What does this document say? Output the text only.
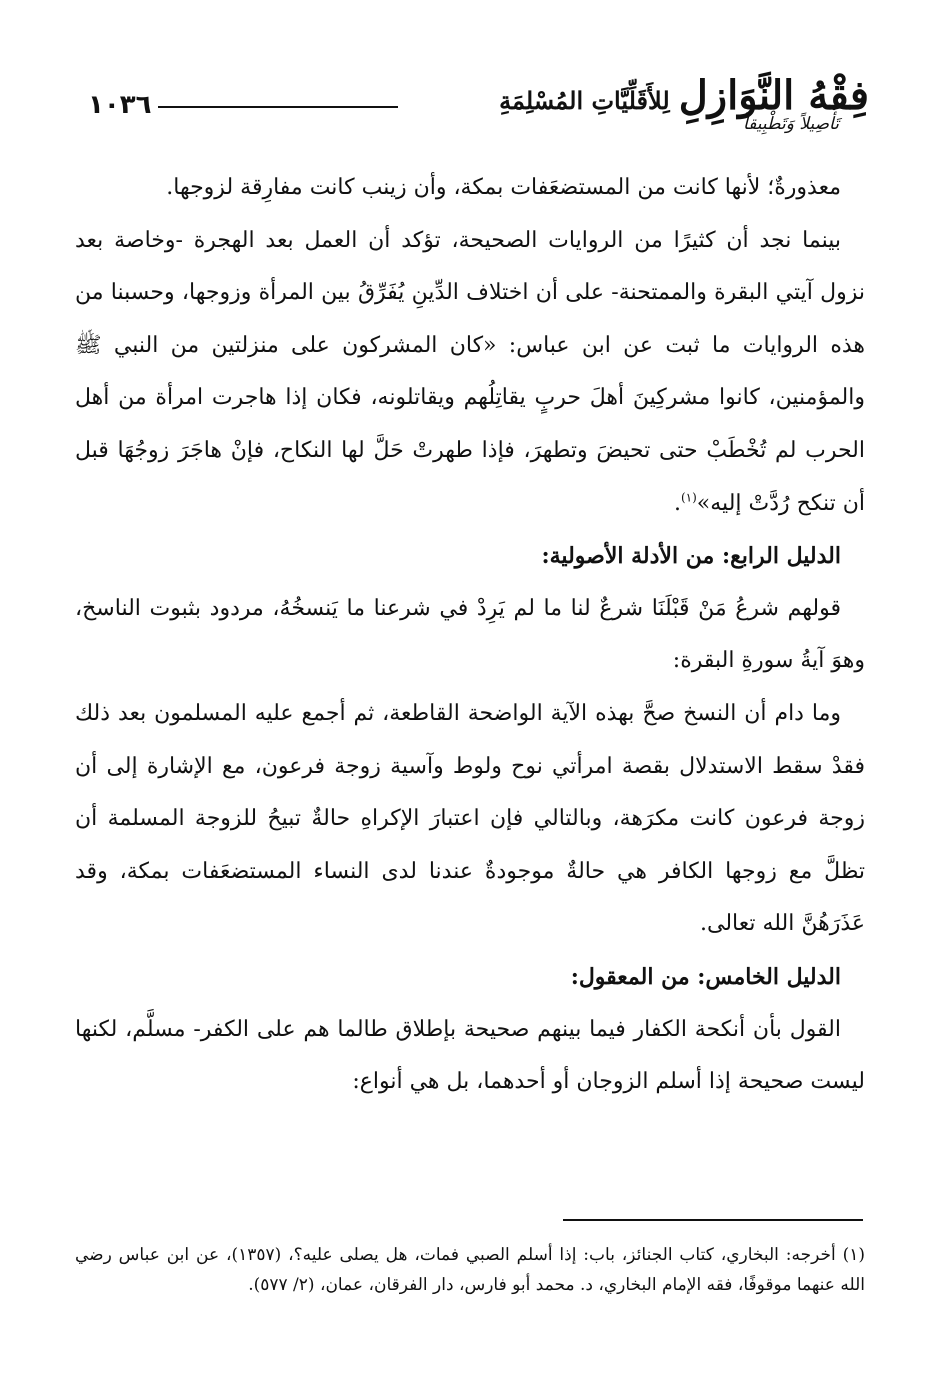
١٠٣٦	فِقْهُ النَّوَازِلِ لِلأَقَلِّيَّاتِ المُسْلِمَةِ
تَأْصِيلاً وَتَطْبِيقاً

معذورةٌ؛ لأنها كانت من المستضعَفات بمكة، وأن زينب كانت مفارِقة لزوجها.

بينما نجد أن كثيرًا من الروايات الصحيحة، تؤكد أن العمل بعد الهجرة -وخاصة بعد نزول آيتي البقرة والممتحنة- على أن اختلاف الدِّينِ يُفَرِّقُ بين المرأة وزوجها، وحسبنا من هذه الروايات ما ثبت عن ابن عباس: «كان المشركون على منزلتين من النبي ﷺ والمؤمنين، كانوا مشركِينَ أهلَ حربٍ يقاتِلُهم ويقاتلونه، فكان إذا هاجرت امرأة من أهل الحرب لم تُخْطَبْ حتى تحيضَ وتطهرَ، فإذا طهرتْ حَلَّ لها النكاح، فإنْ هاجَرَ زوجُهَا قبل أن تنكح رُدَّتْ إليه»$^{(١)}$.

الدليل الرابع: من الأدلة الأصولية:

قولهم شرعُ مَنْ قَبْلَنَا شرعٌ لنا ما لم يَرِدْ في شرعنا ما يَنسخُهُ، مردود بثبوت الناسخ، وهوَ آيةُ سورةِ البقرة:

وما دام أن النسخ صحَّ بهذه الآية الواضحة القاطعة، ثم أجمع عليه المسلمون بعد ذلك فقدْ سقط الاستدلال بقصة امرأتي نوح ولوط وآسية زوجة فرعون، مع الإشارة إلى أن زوجة فرعون كانت مكرَهة، وبالتالي فإن اعتبارَ الإكراهِ حالةٌ تبيحُ للزوجة المسلمة أن تظلَّ مع زوجها الكافر هي حالةٌ موجودةٌ عندنا لدى النساء المستضعَفات بمكة، وقد عَذَرَهُنَّ الله تعالى.

الدليل الخامس: من المعقول:

القول بأن أنكحة الكفار فيما بينهم صحيحة بإطلاق طالما هم على الكفر- مسلَّم، لكنها ليست صحيحة إذا أسلم الزوجان أو أحدهما، بل هي أنواع:

(١) أخرجه: البخاري، كتاب الجنائز، باب: إذا أسلم الصبي فمات، هل يصلى عليه؟، (١٣٥٧)، عن ابن عباس رضي الله عنهما موقوفًا، فقه الإمام البخاري، د. محمد أبو فارس، دار الفرقان، عمان، (٢/ ٥٧٧).
